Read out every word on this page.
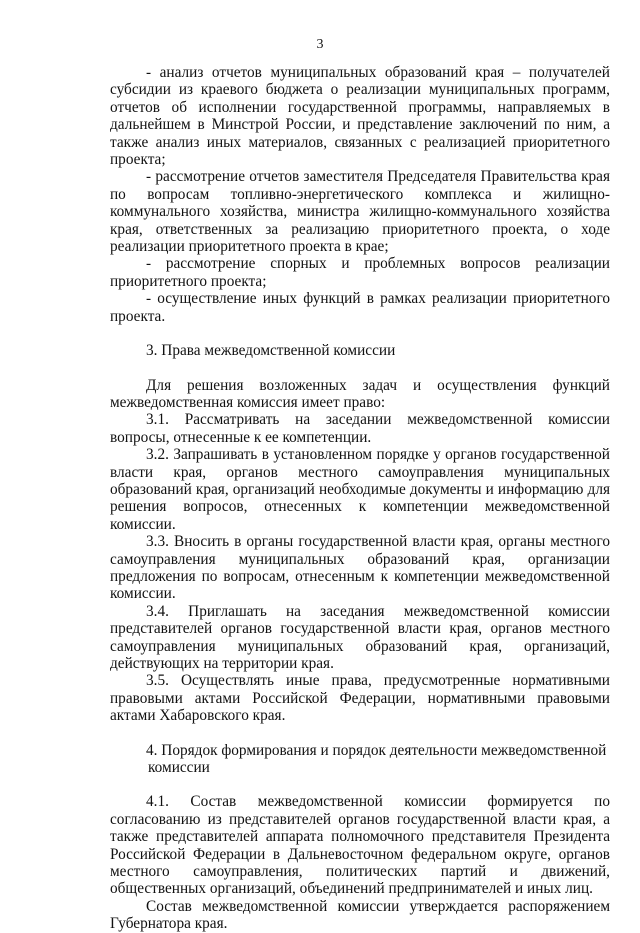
3

- анализ отчетов муниципальных образований края – получателей субсидии из краевого бюджета о реализации муниципальных программ, отчетов об исполнении государственной программы, направляемых в дальнейшем в Минстрой России, и представление заключений по ним, а также анализ иных материалов, связанных с реализацией приоритетного проекта;

- рассмотрение отчетов заместителя Председателя Правительства края по вопросам топливно-энергетического комплекса и жилищно-коммунального хозяйства, министра жилищно-коммунального хозяйства края, ответственных за реализацию приоритетного проекта, о ходе реализации приоритетного проекта в крае;

- рассмотрение спорных и проблемных вопросов реализации приоритетного проекта;

- осуществление иных функций в рамках реализации приоритетного проекта.

3. Права межведомственной комиссии

Для решения возложенных задач и осуществления функций межведомственная комиссия имеет право:

3.1. Рассматривать на заседании межведомственной комиссии вопросы, отнесенные к ее компетенции.

3.2. Запрашивать в установленном порядке у органов государственной власти края, органов местного самоуправления муниципальных образований края, организаций необходимые документы и информацию для решения вопросов, отнесенных к компетенции межведомственной комиссии.

3.3. Вносить в органы государственной власти края, органы местного самоуправления муниципальных образований края, организации предложения по вопросам, отнесенным к компетенции межведомственной комиссии.

3.4. Приглашать на заседания межведомственной комиссии представителей органов государственной власти края, органов местного самоуправления муниципальных образований края, организаций, действующих на территории края.

3.5. Осуществлять иные права, предусмотренные нормативными правовыми актами Российской Федерации, нормативными правовыми актами Хабаровского края.

4. Порядок формирования и порядок деятельности межведомственной

комиссии

4.1. Состав межведомственной комиссии формируется по согласованию из представителей органов государственной власти края, а также представителей аппарата полномочного представителя Президента Российской Федерации в Дальневосточном федеральном округе, органов местного самоуправления, политических партий и движений, общественных организаций, объединений предпринимателей и иных лиц.

Состав межведомственной комиссии утверждается распоряжением Губернатора края.
